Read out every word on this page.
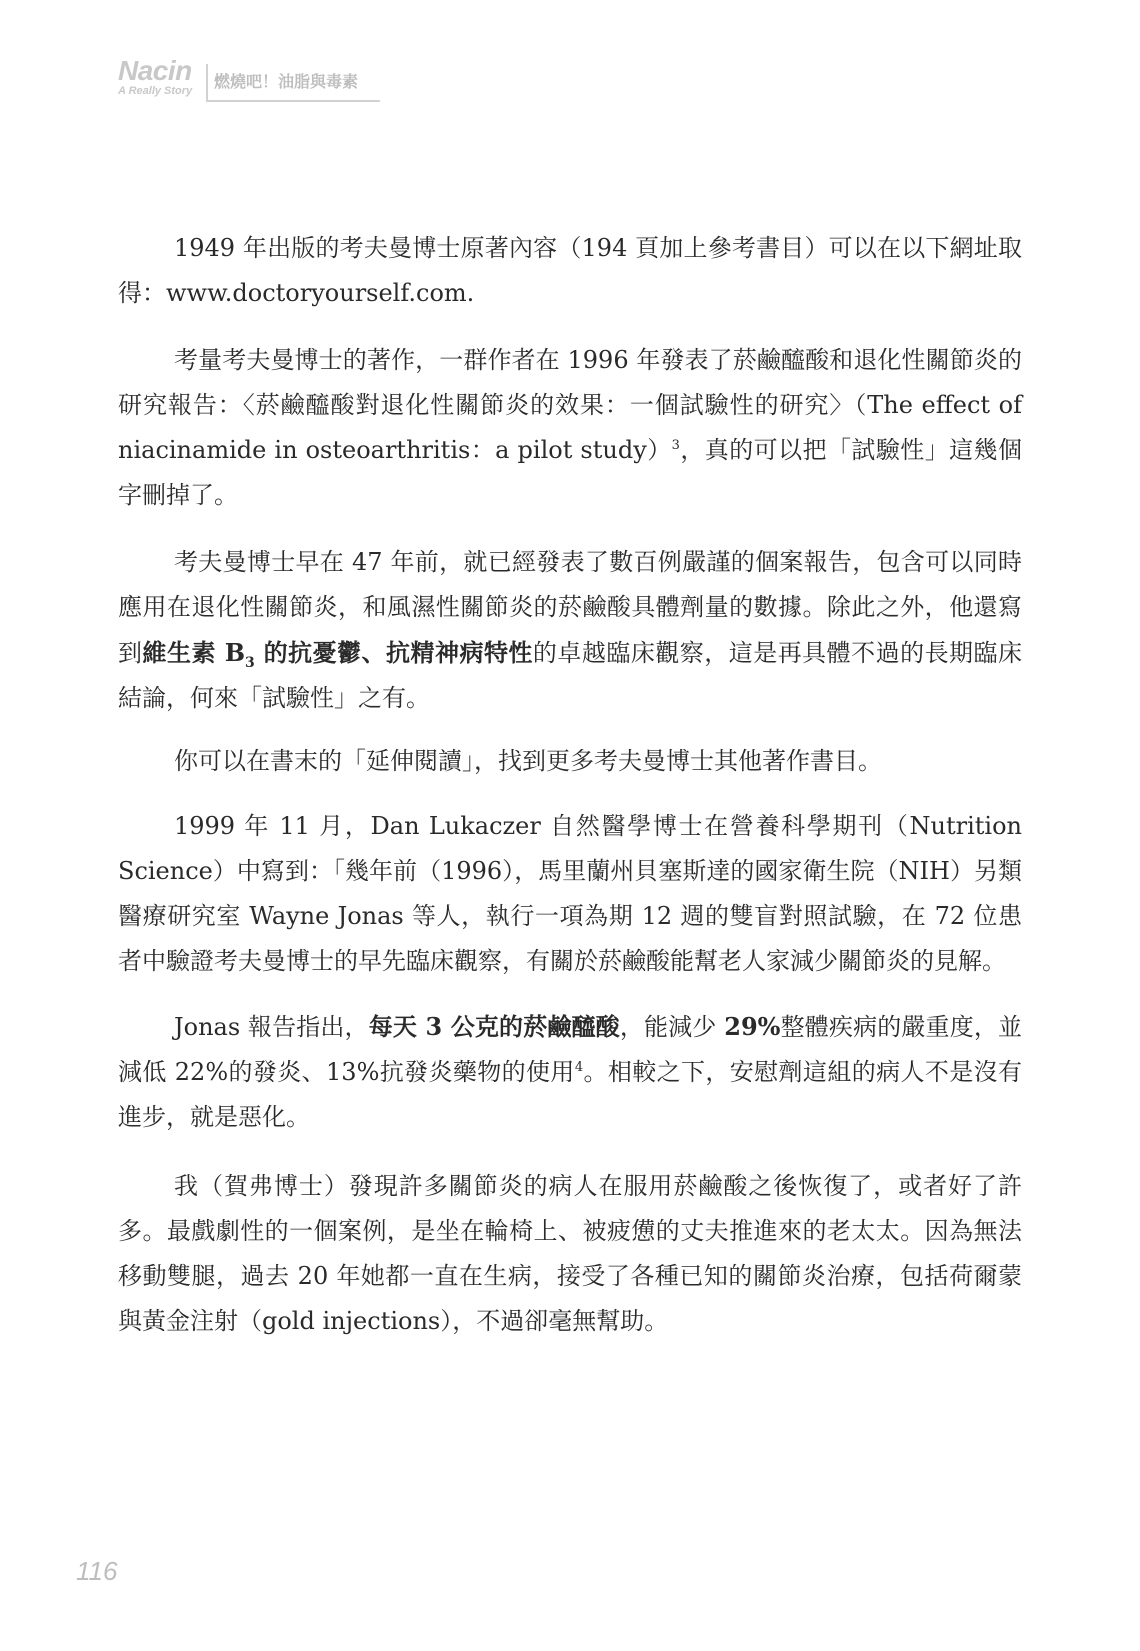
Nacin
A Really Story	燃燒吧！油脂與毒素

1949 年出版的考夫曼博士原著內容（194 頁加上參考書目）可以在以下網址取得：www.doctoryourself.com.

考量考夫曼博士的著作，一群作者在 1996 年發表了菸鹼醯酸和退化性關節炎的研究報告：〈菸鹼醯酸對退化性關節炎的效果：一個試驗性的研究〉（The effect of niacinamide in osteoarthritis：a pilot study）$^3$，真的可以把「試驗性」這幾個字刪掉了。

考夫曼博士早在 47 年前，就已經發表了數百例嚴謹的個案報告，包含可以同時應用在退化性關節炎，和風濕性關節炎的菸鹼酸具體劑量的數據。除此之外，他還寫到維生素 $B_3$ 的抗憂鬱、抗精神病特性的卓越臨床觀察，這是再具體不過的長期臨床結論，何來「試驗性」之有。

你可以在書末的「延伸閱讀」，找到更多考夫曼博士其他著作書目。

1999 年 11 月，Dan Lukaczer 自然醫學博士在營養科學期刊（Nutrition Science）中寫到：「幾年前（1996），馬里蘭州貝塞斯達的國家衛生院（NIH）另類醫療研究室 Wayne Jonas 等人，執行一項為期 12 週的雙盲對照試驗，在 72 位患者中驗證考夫曼博士的早先臨床觀察，有關於菸鹼酸能幫老人家減少關節炎的見解。

Jonas 報告指出，每天 3 公克的菸鹼醯酸，能減少 29%整體疾病的嚴重度，並減低 22%的發炎、13%抗發炎藥物的使用$^4$。相較之下，安慰劑這組的病人不是沒有進步，就是惡化。

我（賀弗博士）發現許多關節炎的病人在服用菸鹼酸之後恢復了，或者好了許多。最戲劇性的一個案例，是坐在輪椅上、被疲憊的丈夫推進來的老太太。因為無法移動雙腿，過去 20 年她都一直在生病，接受了各種已知的關節炎治療，包括荷爾蒙與黃金注射（gold injections），不過卻毫無幫助。

116
